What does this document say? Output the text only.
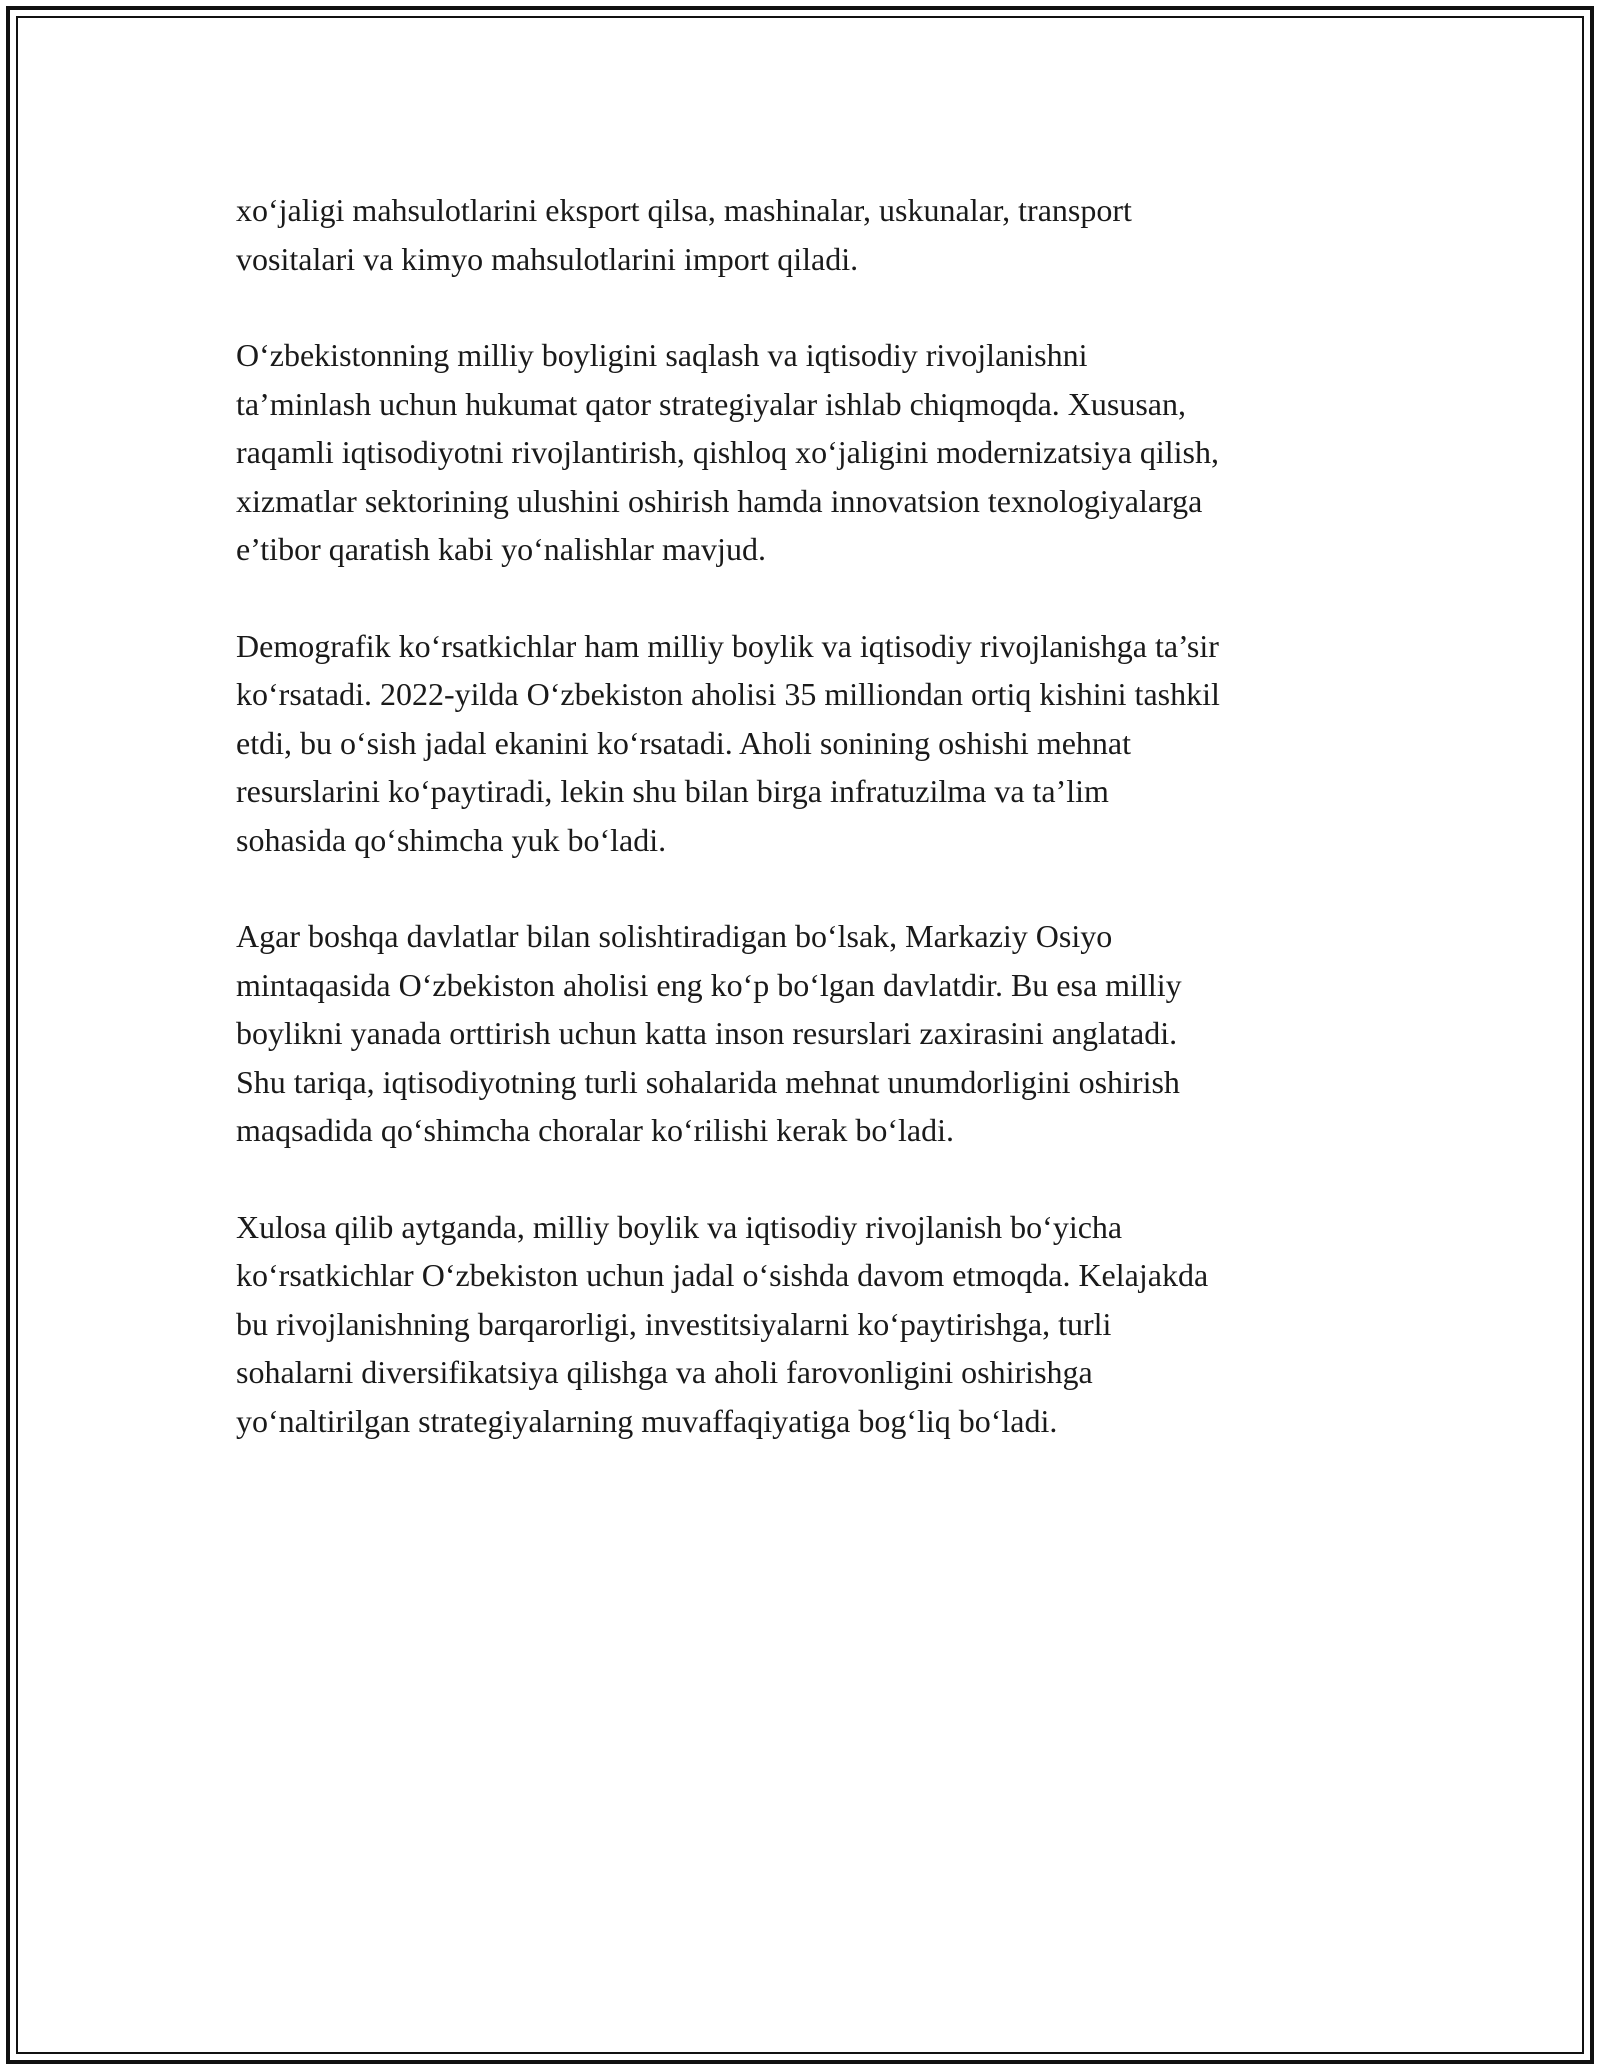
xo‘jaligi mahsulotlarini eksport qilsa, mashinalar, uskunalar, transport
vositalari va kimyo mahsulotlarini import qiladi.

O‘zbekistonning milliy boyligini saqlash va iqtisodiy rivojlanishni
ta’minlash uchun hukumat qator strategiyalar ishlab chiqmoqda. Xususan,
raqamli iqtisodiyotni rivojlantirish, qishloq xo‘jaligini modernizatsiya qilish,
xizmatlar sektorining ulushini oshirish hamda innovatsion texnologiyalarga
e’tibor qaratish kabi yo‘nalishlar mavjud.

Demografik ko‘rsatkichlar ham milliy boylik va iqtisodiy rivojlanishga ta’sir
ko‘rsatadi. 2022-yilda O‘zbekiston aholisi 35 milliondan ortiq kishini tashkil
etdi, bu o‘sish jadal ekanini ko‘rsatadi. Aholi sonining oshishi mehnat
resurslarini ko‘paytiradi, lekin shu bilan birga infratuzilma va ta’lim
sohasida qo‘shimcha yuk bo‘ladi.

Agar boshqa davlatlar bilan solishtiradigan bo‘lsak, Markaziy Osiyo
mintaqasida O‘zbekiston aholisi eng ko‘p bo‘lgan davlatdir. Bu esa milliy
boylikni yanada orttirish uchun katta inson resurslari zaxirasini anglatadi.
Shu tariqa, iqtisodiyotning turli sohalarida mehnat unumdorligini oshirish
maqsadida qo‘shimcha choralar ko‘rilishi kerak bo‘ladi.

Xulosa qilib aytganda, milliy boylik va iqtisodiy rivojlanish bo‘yicha
ko‘rsatkichlar O‘zbekiston uchun jadal o‘sishda davom etmoqda. Kelajakda
bu rivojlanishning barqarorligi, investitsiyalarni ko‘paytirishga, turli
sohalarni diversifikatsiya qilishga va aholi farovonligini oshirishga
yo‘naltirilgan strategiyalarning muvaffaqiyatiga bog‘liq bo‘ladi.
